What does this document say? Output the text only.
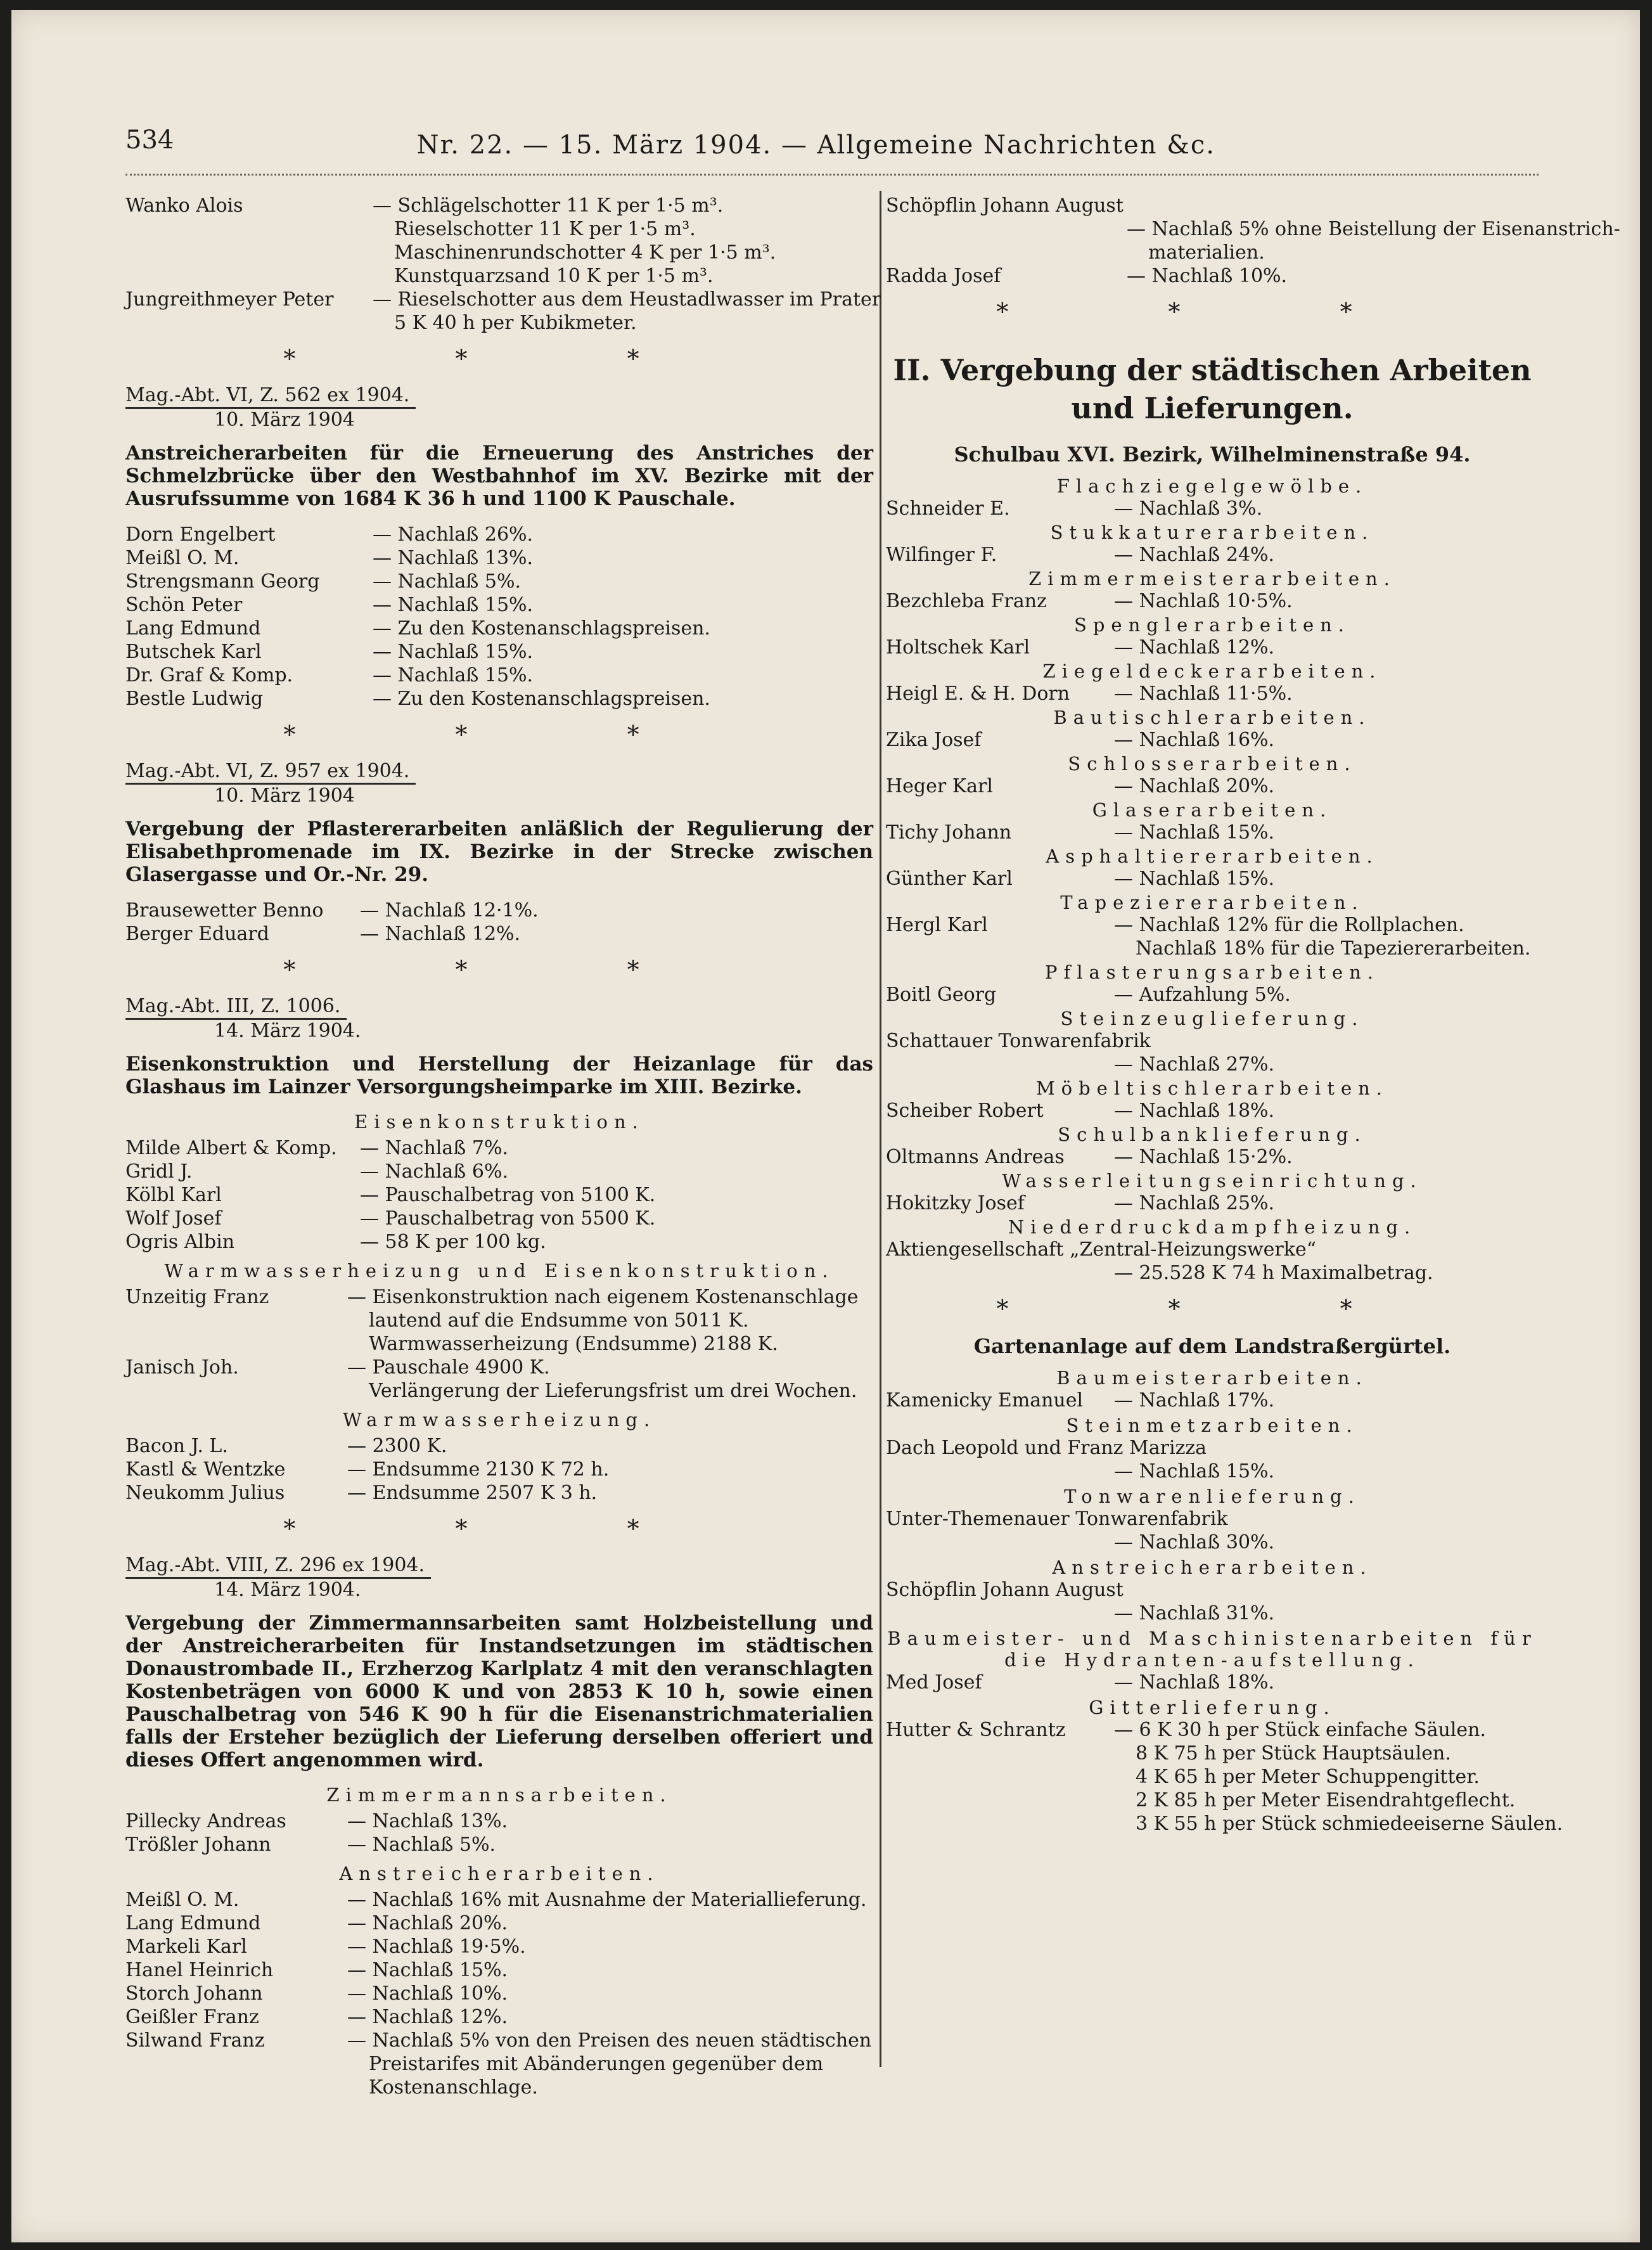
534	Nr. 22. — 15. März 1904. — Allgemeine Nachrichten &c.
Wanko Alois	— Schlägelschotter 11 K per 1·5 m³.
Rieselschotter 11 K per 1·5 m³.
Maschinenrundschotter 4 K per 1·5 m³.
Kunstquarzsand 10 K per 1·5 m³.
Jungreithmeyer Peter	— Rieselschotter aus dem Heustadlwasser im Prater
5 K 40 h per Kubikmeter.
* * *
Mag.-Abt. VI, Z. 562 ex 1904.
10. März 1904
Anstreicherarbeiten für die Erneuerung des Anstriches der Schmelzbrücke über den Westbahnhof im XV. Bezirke mit der Ausrufssumme von 1684 K 36 h und 1100 K Pauschale.
Dorn Engelbert	— Nachlaß 26%.
Meißl O. M.	— Nachlaß 13%.
Strengsmann Georg	— Nachlaß 5%.
Schön Peter	— Nachlaß 15%.
Lang Edmund	— Zu den Kostenanschlagspreisen.
Butschek Karl	— Nachlaß 15%.
Dr. Graf & Komp.	— Nachlaß 15%.
Bestle Ludwig	— Zu den Kostenanschlagspreisen.
* * *
Mag.-Abt. VI, Z. 957 ex 1904.
10. März 1904
Vergebung der Pflastererarbeiten anläßlich der Regulierung der Elisabethpromenade im IX. Bezirke in der Strecke zwischen Glasergasse und Or.-Nr. 29.
Brausewetter Benno	— Nachlaß 12·1%.
Berger Eduard	— Nachlaß 12%.
* * *
Mag.-Abt. III, Z. 1006.
14. März 1904.
Eisenkonstruktion und Herstellung der Heizanlage für das Glashaus im Lainzer Versorgungsheimparke im XIII. Bezirke.
Eisenkonstruktion.
Milde Albert & Komp.	— Nachlaß 7%.
Gridl J.	— Nachlaß 6%.
Kölbl Karl	— Pauschalbetrag von 5100 K.
Wolf Josef	— Pauschalbetrag von 5500 K.
Ogris Albin	— 58 K per 100 kg.
Warmwasserheizung und Eisenkonstruktion.
Unzeitig Franz	— Eisenkonstruktion nach eigenem Kostenanschlage
lautend auf die Endsumme von 5011 K.
Warmwasserheizung (Endsumme) 2188 K.
Janisch Joh.	— Pauschale 4900 K.
Verlängerung der Lieferungsfrist um drei Wochen.
Warmwasserheizung.
Bacon J. L.	— 2300 K.
Kastl & Wentzke	— Endsumme 2130 K 72 h.
Neukomm Julius	— Endsumme 2507 K 3 h.
* * *
Mag.-Abt. VIII, Z. 296 ex 1904.
14. März 1904.
Vergebung der Zimmermannsarbeiten samt Holzbeistellung und der Anstreicherarbeiten für Instandsetzungen im städtischen Donaustrombade II., Erzherzog Karlplatz 4 mit den veranschlagten Kostenbeträgen von 6000 K und von 2853 K 10 h, sowie einen Pauschalbetrag von 546 K 90 h für die Eisenanstrichmaterialien falls der Ersteher bezüglich der Lieferung derselben offeriert und dieses Offert angenommen wird.
Zimmermannsarbeiten.
Pillecky Andreas	— Nachlaß 13%.
Trößler Johann	— Nachlaß 5%.
Anstreicherarbeiten.
Meißl O. M.	— Nachlaß 16% mit Ausnahme der Materiallieferung.
Lang Edmund	— Nachlaß 20%.
Markeli Karl	— Nachlaß 19·5%.
Hanel Heinrich	— Nachlaß 15%.
Storch Johann	— Nachlaß 10%.
Geißler Franz	— Nachlaß 12%.
Silwand Franz	— Nachlaß 5% von den Preisen des neuen städtischen
Preistarifes mit Abänderungen gegenüber dem
Kostenanschlage.
Schöpflin Johann August

— Nachlaß 5% ohne Beistellung der Eisenanstrich-
materialien.
Radda Josef	— Nachlaß 10%.
* * *
II. Vergebung der städtischen Arbeiten und Lieferungen.
Schulbau XVI. Bezirk, Wilhelminenstraße 94.
Flachziegelgewölbe.
Schneider E.	— Nachlaß 3%.
Stukkaturerarbeiten.
Wilfinger F.	— Nachlaß 24%.
Zimmermeisterarbeiten.
Bezchleba Franz	— Nachlaß 10·5%.
Spenglerarbeiten.
Holtschek Karl	— Nachlaß 12%.
Ziegeldeckerarbeiten.
Heigl E. & H. Dorn	— Nachlaß 11·5%.
Bautischlerarbeiten.
Zika Josef	— Nachlaß 16%.
Schlosserarbeiten.
Heger Karl	— Nachlaß 20%.
Glaserarbeiten.
Tichy Johann	— Nachlaß 15%.
Asphaltiererarbeiten.
Günther Karl	— Nachlaß 15%.
Tapeziererarbeiten.
Hergl Karl	— Nachlaß 12% für die Rollplachen.
Nachlaß 18% für die Tapeziererarbeiten.
Pflasterungsarbeiten.
Boitl Georg	— Aufzahlung 5%.
Steinzeuglieferung.
Schattauer Tonwarenfabrik

— Nachlaß 27%.
Möbeltischlerarbeiten.
Scheiber Robert	— Nachlaß 18%.
Schulbanklieferung.
Oltmanns Andreas	— Nachlaß 15·2%.
Wasserleitungseinrichtung.
Hokitzky Josef	— Nachlaß 25%.
Niederdruckdampfheizung.
Aktiengesellschaft „Zentral-Heizungswerke“

— 25.528 K 74 h Maximalbetrag.
* * *
Gartenanlage auf dem Landstraßergürtel.
Baumeisterarbeiten.
Kamenicky Emanuel	— Nachlaß 17%.
Steinmetzarbeiten.
Dach Leopold und Franz Marizza

— Nachlaß 15%.
Tonwarenlieferung.
Unter-Themenauer Tonwarenfabrik

— Nachlaß 30%.
Anstreicherarbeiten.
Schöpflin Johann August

— Nachlaß 31%.
Baumeister- und Maschinistenarbeiten für die Hydranten-aufstellung.
Med Josef	— Nachlaß 18%.
Gitterlieferung.
Hutter & Schrantz	— 6 K 30 h per Stück einfache Säulen.
8 K 75 h per Stück Hauptsäulen.
4 K 65 h per Meter Schuppengitter.
2 K 85 h per Meter Eisendrahtgeflecht.
3 K 55 h per Stück schmiedeeiserne Säulen.
